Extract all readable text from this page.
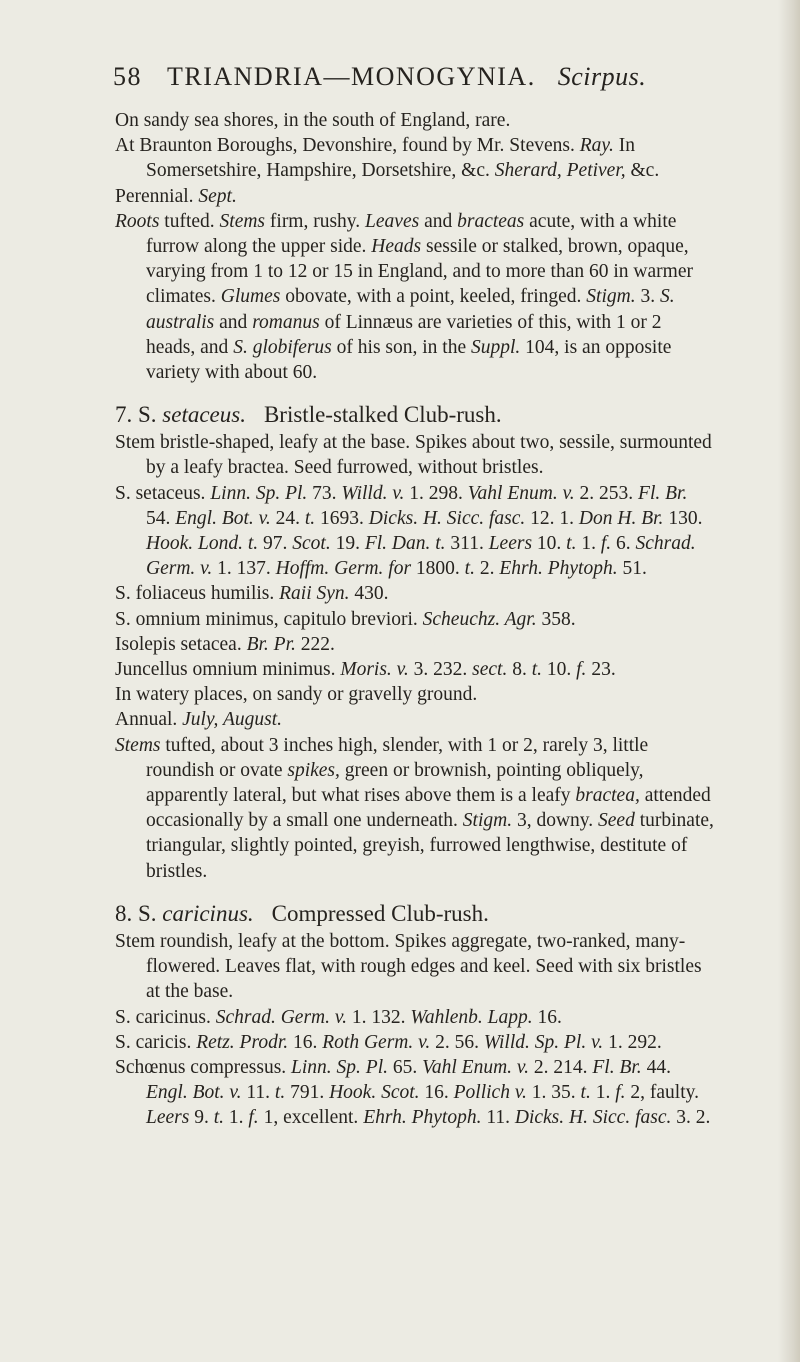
58 TRIANDRIA—MONOGYNIA. Scirpus.

On sandy sea shores, in the south of England, rare.

At Braunton Boroughs, Devonshire, found by Mr. Stevens. Ray. In Somersetshire, Hampshire, Dorsetshire, &c. Sherard, Petiver, &c.

Perennial. Sept.

Roots tufted. Stems firm, rushy. Leaves and bracteas acute, with a white furrow along the upper side. Heads sessile or stalked, brown, opaque, varying from 1 to 12 or 15 in England, and to more than 60 in warmer climates. Glumes obovate, with a point, keeled, fringed. Stigm. 3. S. australis and romanus of Linnæus are varieties of this, with 1 or 2 heads, and S. globiferus of his son, in the Suppl. 104, is an opposite variety with about 60.

7. S. setaceus. Bristle-stalked Club-rush.

Stem bristle-shaped, leafy at the base. Spikes about two, sessile, surmounted by a leafy bractea. Seed furrowed, without bristles.

S. setaceus. Linn. Sp. Pl. 73. Willd. v. 1. 298. Vahl Enum. v. 2. 253. Fl. Br. 54. Engl. Bot. v. 24. t. 1693. Dicks. H. Sicc. fasc. 12. 1. Don H. Br. 130. Hook. Lond. t. 97. Scot. 19. Fl. Dan. t. 311. Leers 10. t. 1. f. 6. Schrad. Germ. v. 1. 137. Hoffm. Germ. for 1800. t. 2. Ehrh. Phytoph. 51.

S. foliaceus humilis. Raii Syn. 430.

S. omnium minimus, capitulo breviori. Scheuchz. Agr. 358.

Isolepis setacea. Br. Pr. 222.

Juncellus omnium minimus. Moris. v. 3. 232. sect. 8. t. 10. f. 23.

In watery places, on sandy or gravelly ground.

Annual. July, August.

Stems tufted, about 3 inches high, slender, with 1 or 2, rarely 3, little roundish or ovate spikes, green or brownish, pointing obliquely, apparently lateral, but what rises above them is a leafy bractea, attended occasionally by a small one underneath. Stigm. 3, downy. Seed turbinate, triangular, slightly pointed, greyish, furrowed lengthwise, destitute of bristles.

8. S. caricinus. Compressed Club-rush.

Stem roundish, leafy at the bottom. Spikes aggregate, two-ranked, many-flowered. Leaves flat, with rough edges and keel. Seed with six bristles at the base.

S. caricinus. Schrad. Germ. v. 1. 132. Wahlenb. Lapp. 16.

S. caricis. Retz. Prodr. 16. Roth Germ. v. 2. 56. Willd. Sp. Pl. v. 1. 292.

Schœnus compressus. Linn. Sp. Pl. 65. Vahl Enum. v. 2. 214. Fl. Br. 44. Engl. Bot. v. 11. t. 791. Hook. Scot. 16. Pollich v. 1. 35. t. 1. f. 2, faulty. Leers 9. t. 1. f. 1, excellent. Ehrh. Phytoph. 11. Dicks. H. Sicc. fasc. 3. 2.
